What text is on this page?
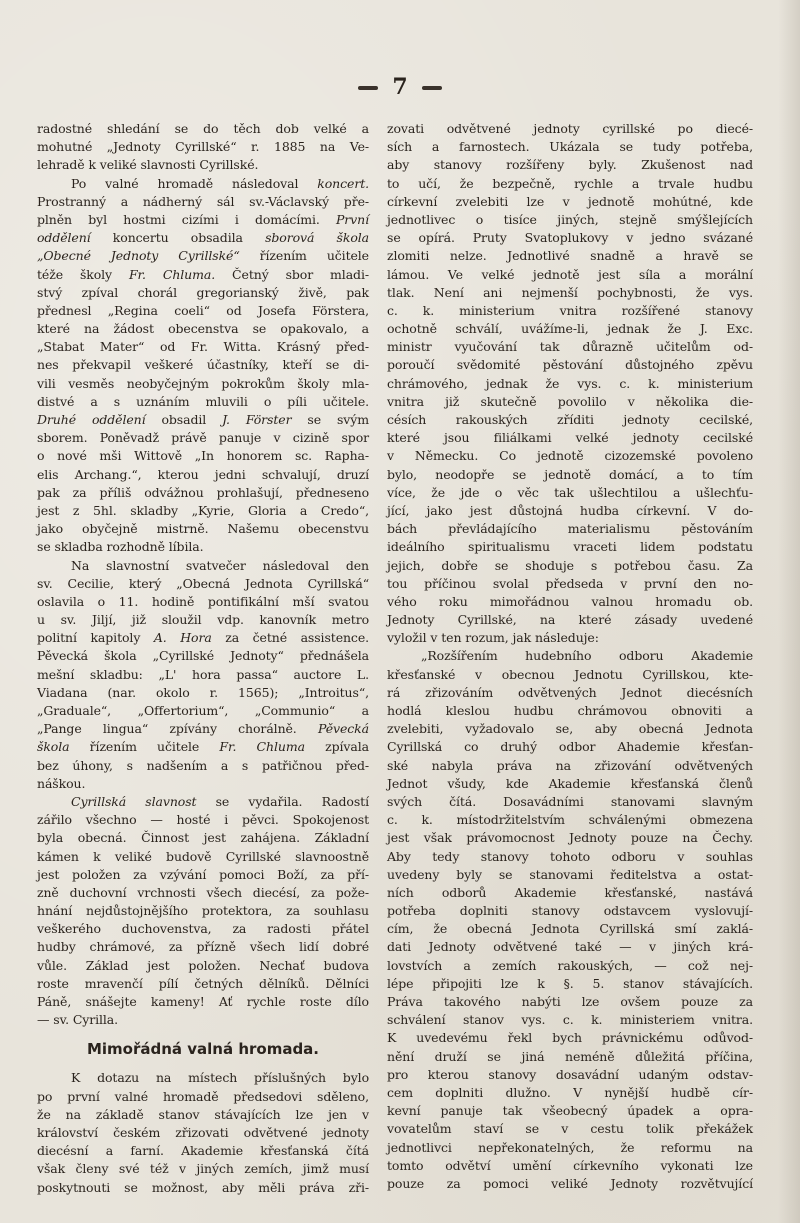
7
radostné shledání se do těch dob velké a
mohutné „Jednoty Cyrillské“ r. 1885 na Ve-
lehradě k veliké slavnosti Cyrillské.
Po valné hromadě následoval koncert.
Prostranný a nádherný sál sv.-Václavský pře-
plněn byl hostmi cizími i domácími. První
oddělení koncertu obsadila sborová škola
„Obecné Jednoty Cyrillské“ řízením učitele
téže školy Fr. Chluma. Četný sbor mladi-
stvý zpíval chorál gregorianský živě, pak
přednesl „Regina coeli“ od Josefa Förstera,
které na žádost obecenstva se opakovalo, a
„Stabat Mater“ od Fr. Witta. Krásný před-
nes překvapil veškeré účastníky, kteří se di-
vili vesměs neobyčejným pokrokům školy mla-
distvé a s uznáním mluvili o píli učitele.
Druhé oddělení obsadil J. Förster se svým
sborem. Poněvadž právě panuje v cizině spor
o nové mši Wittově „In honorem sc. Rapha-
elis Archang.“, kterou jedni schvalují, druzí
pak za příliš odvážnou prohlašují, předneseno
jest z 5hl. skladby „Kyrie, Gloria a Credo“,
jako obyčejně mistrně. Našemu obecenstvu
se skladba rozhodně líbila.
Na slavnostní svatvečer následoval den
sv. Cecilie, který „Obecná Jednota Cyrillská“
oslavila o 11. hodině pontifikální mší svatou
u sv. Jiljí, již sloužil vdp. kanovník metro
politní kapitoly A. Hora za četné assistence.
Pěvecká škola „Cyrillské Jednoty“ přednášela
mešní skladbu: „L' hora passa“ auctore L.
Viadana (nar. okolo r. 1565); „Introitus“,
„Graduale“, „Offertorium“, „Communio“ a
„Pange lingua“ zpívány chorálně. Pěvecká
škola řízením učitele Fr. Chluma zpívala
bez úhony, s nadšením a s patřičnou před-
náškou.
Cyrillská slavnost se vydařila. Radostí
zářilo všechno — hosté i pěvci. Spokojenost
byla obecná. Činnost jest zahájena. Základní
kámen k veliké budově Cyrillské slavnoostně
jest položen za vzývání pomoci Boží, za pří-
zně duchovní vrchnosti všech diecésí, za pože-
hnání nejdůstojnějšího protektora, za souhlasu
veškerého duchovenstva, za radosti přátel
hudby chrámové, za přízně všech lidí dobré
vůle. Základ jest položen. Nechať budova
roste mravenčí pílí četných dělníků. Dělníci
Páně, snášejte kameny! Ať rychle roste dílo
— sv. Cyrilla.
Mimořádná valná hromada.
K dotazu na místech příslušných bylo
po první valné hromadě předsedovi sděleno,
že na základě stanov stávajících lze jen v
království českém zřizovati odvětvené jednoty
diecésní a farní. Akademie křesťanská čítá
však členy své též v jiných zemích, jimž musí
poskytnouti se možnost, aby měli práva zři-
zovati odvětvené jednoty cyrillské po diecé-
sích a farnostech. Ukázala se tudy potřeba,
aby stanovy rozšířeny byly. Zkušenost nad
to učí, že bezpečně, rychle a trvale hudbu
církevní zvelebiti lze v jednotě mohútné, kde
jednotlivec o tisíce jiných, stejně smýšlejících
se opírá. Pruty Svatoplukovy v jedno svázané
zlomiti nelze. Jednotlivé snadně a hravě se
lámou. Ve velké jednotě jest síla a morální
tlak. Není ani nejmenší pochybnosti, že vys.
c. k. ministerium vnitra rozšířené stanovy
ochotně schválí, uvážíme-li, jednak že J. Exc.
ministr vyučování tak důrazně učitelům od-
poroučí svědomité pěstování důstojného zpěvu
chrámového, jednak že vys. c. k. ministerium
vnitra již skutečně povolilo v několika die-
césích rakouských zříditi jednoty cecilské,
které jsou filiálkami velké jednoty cecilské
v Německu. Co jednotě cizozemské povoleno
bylo, neodopře se jednotě domácí, a to tím
více, že jde o věc tak ušlechtilou a ušlechťu-
jící, jako jest důstojná hudba církevní. V do-
bách převládajícího materialismu pěstováním
ideálního spiritualismu vraceti lidem podstatu
jejich, dobře se shoduje s potřebou času. Za
tou příčinou svolal předseda v první den no-
vého roku mimořádnou valnou hromadu ob.
Jednoty Cyrillské, na které zásady uvedené
vyložil v ten rozum, jak následuje:
„Rozšířením hudebního odboru Akademie
křesťanské v obecnou Jednotu Cyrillskou, kte-
rá zřizováním odvětvených Jednot diecésních
hodlá kleslou hudbu chrámovou obnoviti a
zvelebiti, vyžadovalo se, aby obecná Jednota
Cyrillská co druhý odbor Ahademie křesťan-
ské nabyla práva na zřizování odvětvených
Jednot všudy, kde Akademie křesťanská členů
svých čítá. Dosavádními stanovami slavným
c. k. místodržitelstvím schválenými obmezena
jest však právomocnost Jednoty pouze na Čechy.
Aby tedy stanovy tohoto odboru v souhlas
uvedeny byly se stanovami ředitelstva a ostat-
ních odborů Akademie křesťanské, nastává
potřeba doplniti stanovy odstavcem vyslovují-
cím, že obecná Jednota Cyrillská smí zaklá-
dati Jednoty odvětvené také — v jiných krá-
lovstvích a zemích rakouských, — což nej-
lépe připojiti lze k §. 5. stanov stávajících.
Práva takového nabýti lze ovšem pouze za
schválení stanov vys. c. k. ministeriem vnitra.
K uvedevému řekl bych právnickému odůvod-
nění druží se jiná neméně důležitá příčina,
pro kterou stanovy dosavádní udaným odstav-
cem doplniti dlužno. V nynější hudbě cír-
kevní panuje tak všeobecný úpadek a opra-
vovatelům staví se v cestu tolik překážek
jednotlivci nepřekonatelných, že reformu na
tomto odvětví umění církevního vykonati lze
pouze za pomoci veliké Jednoty rozvětvující
